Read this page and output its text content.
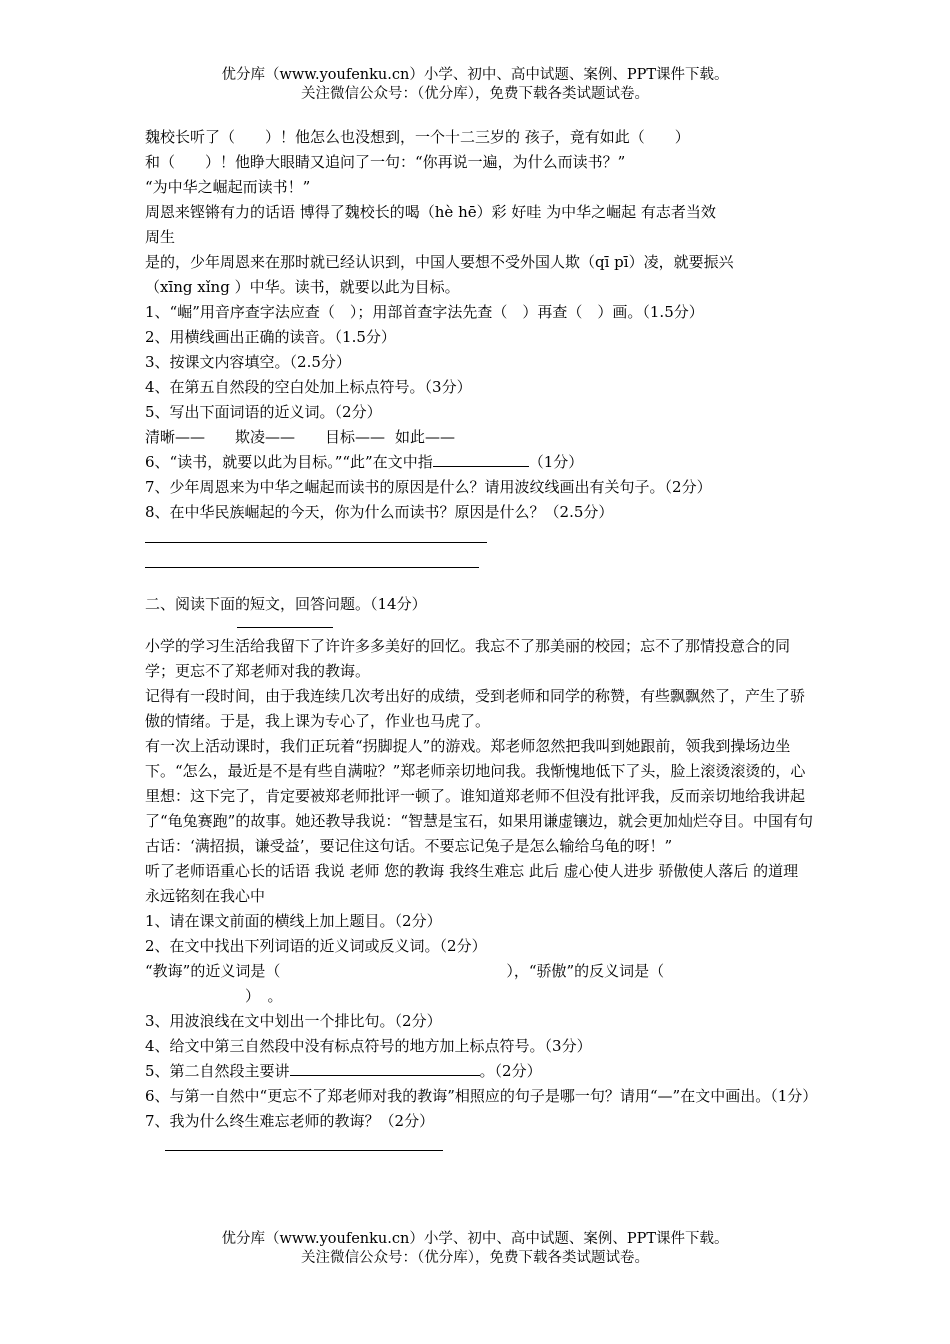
优分库（www.youfenku.cn）小学、初中、高中试题、案例、PPT课件下载。
关注微信公众号：（优分库），免费下载各类试题试卷。

魏校长听了（　　）！他怎么也没想到，一个十二三岁的 孩子，竟有如此（　　）

和（　　）！他睁大眼睛又追问了一句：“你再说一遍，为什么而读书？”

“为中华之崛起而读书！”

周恩来铿锵有力的话语 博得了魏校长的喝（hè hē）彩 好哇 为中华之崛起 有志者当效

周生

是的，少年周恩来在那时就已经认识到，中国人要想不受外国人欺（qī pī）凌，就要振兴

（xīng xǐng ）中华。读书，就要以此为目标。

1、“崛”用音序查字法应查（　）；用部首查字法先查（　）再查（　）画。（1.5分）

2、用横线画出正确的读音。（1.5分）

3、按课文内容填空。（2.5分）

4、在第五自然段的空白处加上标点符号。（3分）

5、写出下面词语的近义词。（2分）

清晰—— 欺凌—— 目标—— 如此——

6、“读书，就要以此为目标。”“此”在文中指	（1分）

7、少年周恩来为中华之崛起而读书的原因是什么？请用波纹线画出有关句子。（2分）

8、在中华民族崛起的今天，你为什么而读书？原因是什么？（2.5分）

二、阅读下面的短文，回答问题。（14分）

小学的学习生活给我留下了许许多多美好的回忆。我忘不了那美丽的校园；忘不了那情投意合的同学；更忘不了郑老师对我的教诲。

记得有一段时间，由于我连续几次考出好的成绩，受到老师和同学的称赞，有些飘飘然了，产生了骄傲的情绪。于是，我上课为专心了，作业也马虎了。

有一次上活动课时，我们正玩着“拐脚捉人”的游戏。郑老师忽然把我叫到她跟前，领我到操场边坐下。“怎么，最近是不是有些自满啦？”郑老师亲切地问我。我惭愧地低下了头，脸上滚烫滚烫的，心里想：这下完了，肯定要被郑老师批评一顿了。谁知道郑老师不但没有批评我，反而亲切地给我讲起了“龟兔赛跑”的故事。她还教导我说：“智慧是宝石，如果用谦虚镶边，就会更加灿烂夺目。中国有句古话：‘满招损，谦受益’，要记住这句话。不要忘记兔子是怎么输给乌龟的呀！”

听了老师语重心长的话语 我说 老师 您的教诲 我终生难忘 此后 虚心使人进步 骄傲使人落后 的道理永远铭刻在我心中

1、请在课文前面的横线上加上题目。（2分）

2、在文中找出下列词语的近义词或反义词。（2分）

“教诲”的近义词是（	），“骄傲”的反义词是（

）　。

3、用波浪线在文中划出一个排比句。（2分）

4、给文中第三自然段中没有标点符号的地方加上标点符号。（3分）

5、第二自然段主要讲	。（2分）

6、与第一自然中“更忘不了郑老师对我的教诲”相照应的句子是哪一句？请用“—”在文中画出。（1分）

7、我为什么终生难忘老师的教诲？（2分）

优分库（www.youfenku.cn）小学、初中、高中试题、案例、PPT课件下载。
关注微信公众号：（优分库），免费下载各类试题试卷。
